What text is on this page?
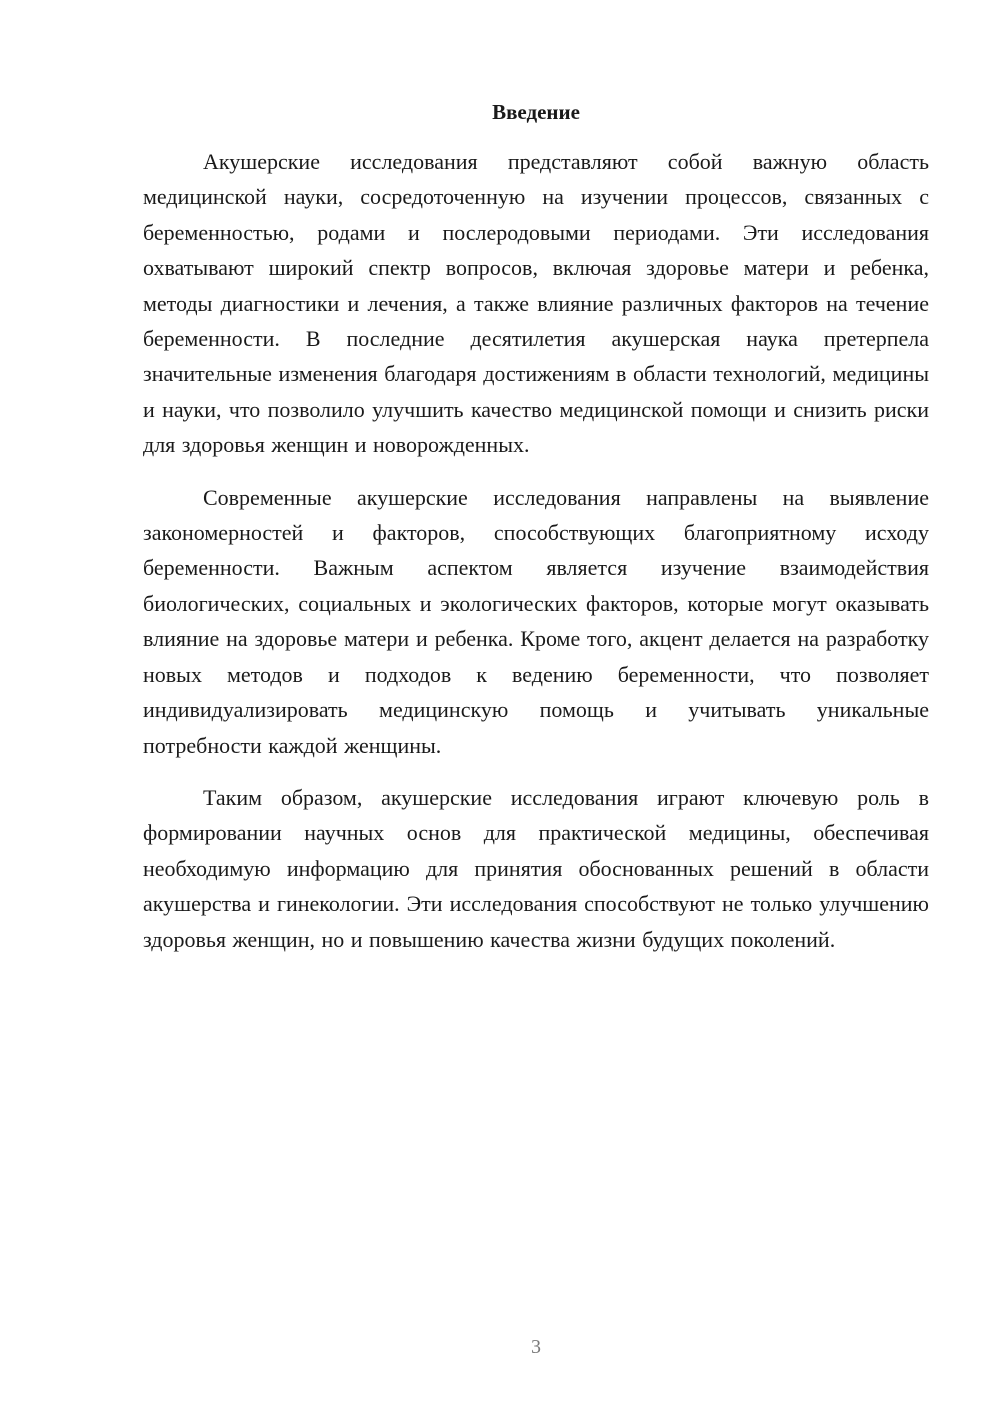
Введение

Акушерские исследования представляют собой важную область медицинской науки, сосредоточенную на изучении процессов, связанных с беременностью, родами и послеродовыми периодами. Эти исследования охватывают широкий спектр вопросов, включая здоровье матери и ребенка, методы диагностики и лечения, а также влияние различных факторов на течение беременности. В последние десятилетия акушерская наука претерпела значительные изменения благодаря достижениям в области технологий, медицины и науки, что позволило улучшить качество медицинской помощи и снизить риски для здоровья женщин и новорожденных.

Современные акушерские исследования направлены на выявление закономерностей и факторов, способствующих благоприятному исходу беременности. Важным аспектом является изучение взаимодействия биологических, социальных и экологических факторов, которые могут оказывать влияние на здоровье матери и ребенка. Кроме того, акцент делается на разработку новых методов и подходов к ведению беременности, что позволяет индивидуализировать медицинскую помощь и учитывать уникальные потребности каждой женщины.

Таким образом, акушерские исследования играют ключевую роль в формировании научных основ для практической медицины, обеспечивая необходимую информацию для принятия обоснованных решений в области акушерства и гинекологии. Эти исследования способствуют не только улучшению здоровья женщин, но и повышению качества жизни будущих поколений.

3
